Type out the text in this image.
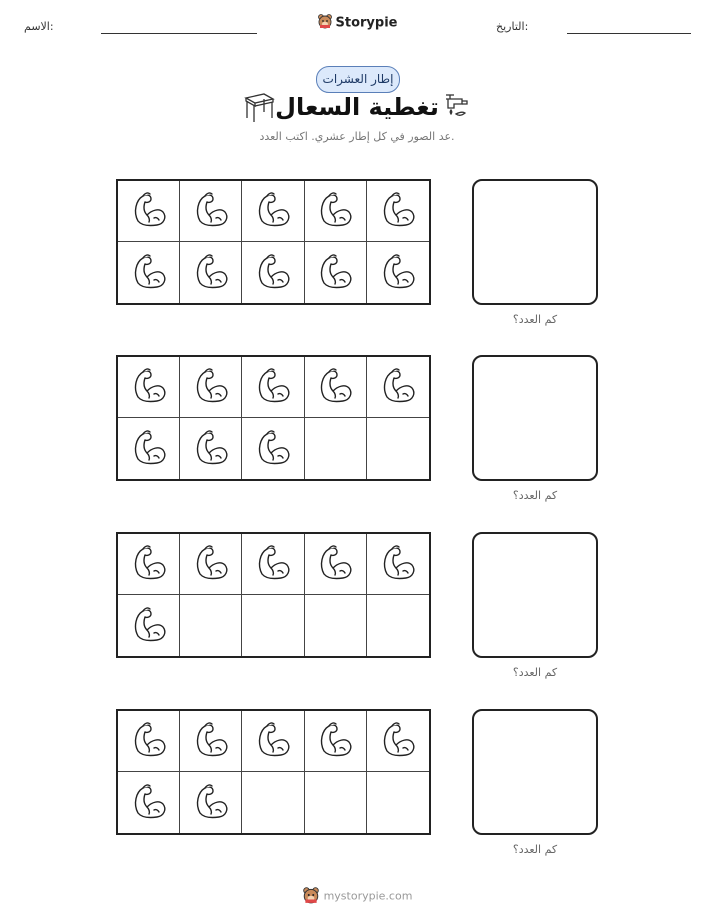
الاسم:	التاريخ:
Storypie
إطار العشرات
تغطية السعال
عد الصور في كل إطار عشري. اكتب العدد.
كم العدد؟
كم العدد؟
كم العدد؟
كم العدد؟
mystorypie.com
